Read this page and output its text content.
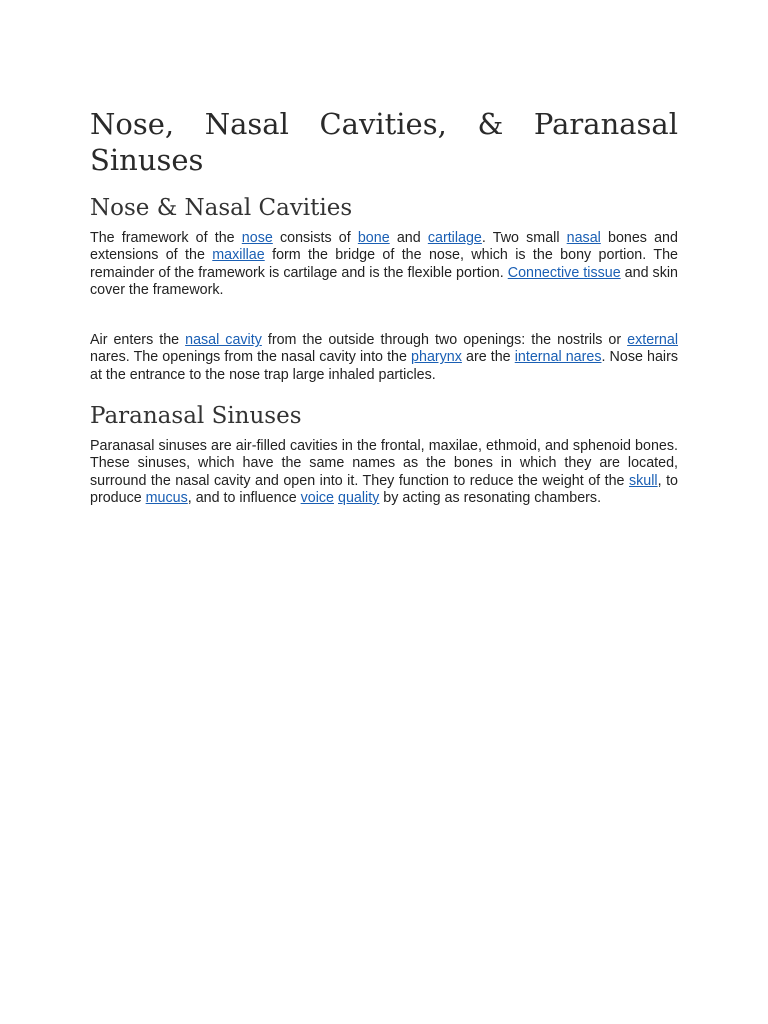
Nose, Nasal Cavities, & Paranasal Sinuses
Nose & Nasal Cavities

The framework of the nose consists of bone and cartilage. Two small nasal bones and extensions of the maxillae form the bridge of the nose, which is the bony portion. The remainder of the framework is cartilage and is the flexible portion. Connective tissue and skin cover the framework.

Air enters the nasal cavity from the outside through two openings: the nostrils or external nares. The openings from the nasal cavity into the pharynx are the internal nares. Nose hairs at the entrance to the nose trap large inhaled particles.

Paranasal Sinuses

Paranasal sinuses are air-filled cavities in the frontal, maxilae, ethmoid, and sphenoid bones. These sinuses, which have the same names as the bones in which they are located, surround the nasal cavity and open into it. They function to reduce the weight of the skull, to produce mucus, and to influence voice quality by acting as resonating chambers.
